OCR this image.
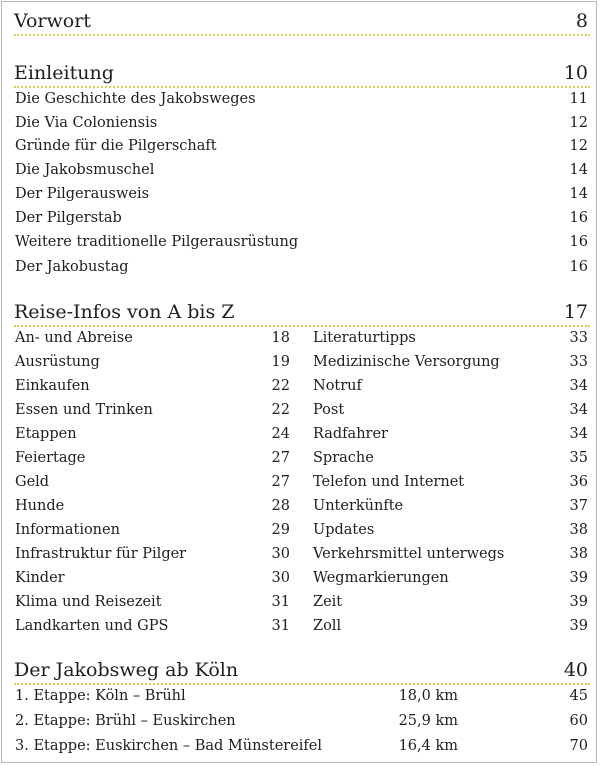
Vorwort	8
Einleitung	10
Die Geschichte des Jakobsweges	11
Die Via Coloniensis	12
Gründe für die Pilgerschaft	12
Die Jakobsmuschel	14
Der Pilgerausweis	14
Der Pilgerstab	16
Weitere traditionelle Pilgerausrüstung	16
Der Jakobustag	16
Reise-Infos von A bis Z	17
An- und Abreise	18
Ausrüstung	19
Einkaufen	22
Essen und Trinken	22
Etappen	24
Feiertage	27
Geld	27
Hunde	28
Informationen	29
Infrastruktur für Pilger	30
Kinder	30
Klima und Reisezeit	31
Landkarten und GPS	31
Literaturtipps	33
Medizinische Versorgung	33
Notruf	34
Post	34
Radfahrer	34
Sprache	35
Telefon und Internet	36
Unterkünfte	37
Updates	38
Verkehrsmittel unterwegs	38
Wegmarkierungen	39
Zeit	39
Zoll	39
Der Jakobsweg ab Köln	40
1. Etappe: Köln – Brühl	18,0 km	45
2. Etappe: Brühl – Euskirchen	25,9 km	60
3. Etappe: Euskirchen – Bad Münstereifel	16,4 km	70
